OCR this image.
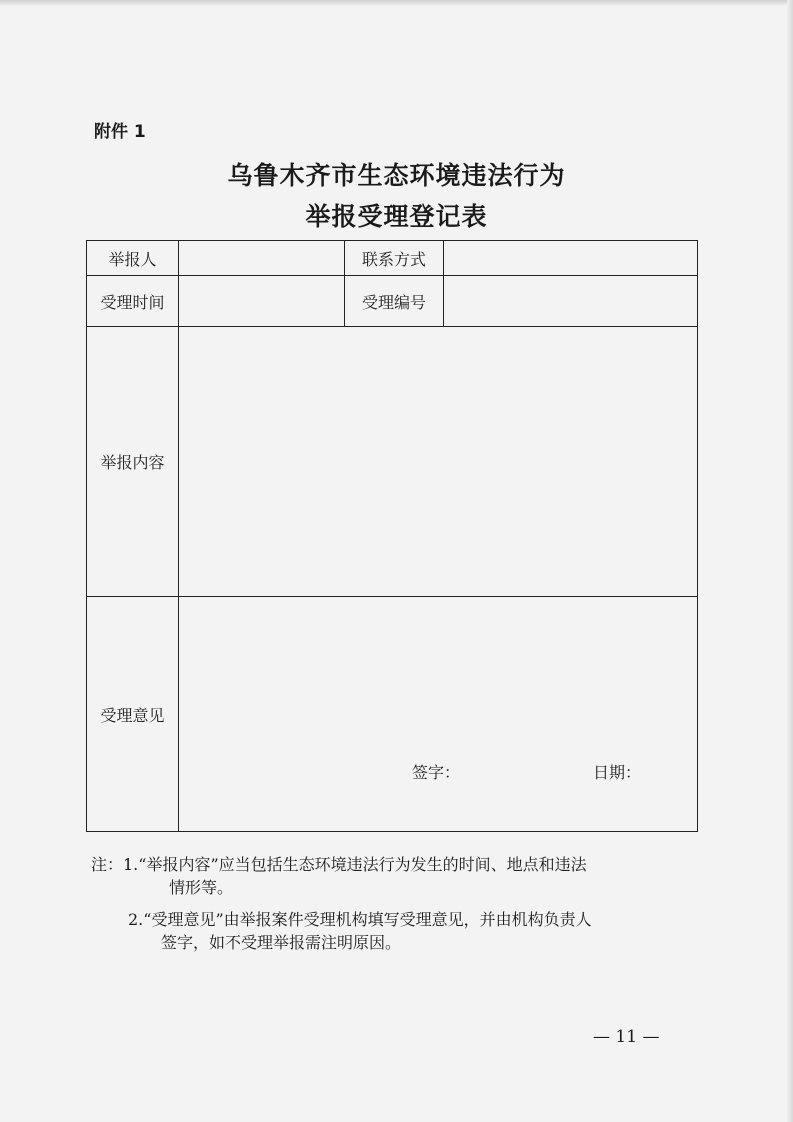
附件 1
乌鲁木齐市生态环境违法行为
举报受理登记表
举报人		联系方式	
受理时间		受理编号	
举报内容			
受理意见	签字： 日期：		
注：1.“举报内容”应当包括生态环境违法行为发生的时间、地点和违法
情形等。
2.“受理意见”由举报案件受理机构填写受理意见，并由机构负责人
签字，如不受理举报需注明原因。
— 11 —
